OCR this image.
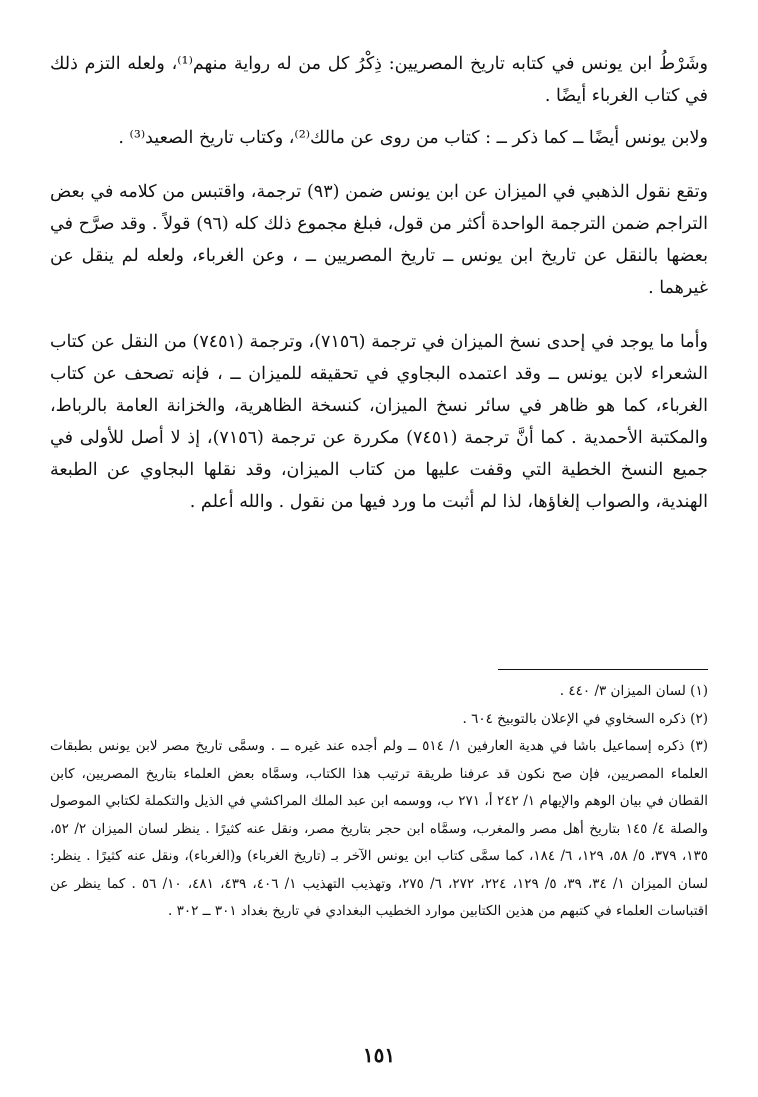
وشَرْطُ ابن يونس في كتابه تاريخ المصريين: ذِكْرُ كل من له رواية منهم⁽¹⁾، ولعله التزم ذلك في كتاب الغرباء أيضًا .

ولابن يونس أيضًا ــ كما ذكر ــ : كتاب من روى عن مالك⁽²⁾، وكتاب تاريخ الصعيد⁽³⁾ .

وتقع نقول الذهبي في الميزان عن ابن يونس ضمن (٩٣) ترجمة، واقتبس من كلامه في بعض التراجم ضمن الترجمة الواحدة أكثر من قول، فبلغ مجموع ذلك كله (٩٦) قولاً . وقد صرَّح في بعضها بالنقل عن تاريخ ابن يونس ــ تاريخ المصريين ــ ، وعن الغرباء، ولعله لم ينقل عن غيرهما .

وأما ما يوجد في إحدى نسخ الميزان في ترجمة (٧١٥٦)، وترجمة (٧٤٥١) من النقل عن كتاب الشعراء لابن يونس ــ وقد اعتمده البجاوي في تحقيقه للميزان ــ ، فإنه تصحف عن كتاب الغرباء، كما هو ظاهر في سائر نسخ الميزان، كنسخة الظاهرية، والخزانة العامة بالرباط، والمكتبة الأحمدية . كما أنَّ ترجمة (٧٤٥١) مكررة عن ترجمة (٧١٥٦)، إذ لا أصل للأولى في جميع النسخ الخطية التي وقفت عليها من كتاب الميزان، وقد نقلها البجاوي عن الطبعة الهندية، والصواب إلغاؤها، لذا لم أثبت ما ورد فيها من نقول . والله أعلم .

(١) لسان الميزان ٣/ ٤٤٠ .

(٢) ذكره السخاوي في الإعلان بالتوبيخ ٦٠٤ .

(٣) ذكره إسماعيل باشا في هدية العارفين ١/ ٥١٤ ــ ولم أجده عند غيره ــ . وسمَّى تاريخ مصر لابن يونس بطبقات العلماء المصريين، فإن صح نكون قد عرفنا طريقة ترتيب هذا الكتاب، وسمَّاه بعض العلماء بتاريخ المصريين، كابن القطان في بيان الوهم والإيهام ١/ ٢٤٢ أ، ٢٧١ ب، ووسمه ابن عبد الملك المراكشي في الذيل والتكملة لكتابي الموصول والصلة ٤/ ١٤٥ بتاريخ أهل مصر والمغرب، وسمَّاه ابن حجر بتاريخ مصر، ونقل عنه كثيرًا . ينظر لسان الميزان ٢/ ٥٢، ١٣٥، ٣٧٩، ٥/ ٥٨، ١٢٩، ٦/ ١٨٤، كما سمَّى كتاب ابن يونس الآخر بـ (تاريخ الغرباء) و(الغرباء)، ونقل عنه كثيرًا . ينظر: لسان الميزان ١/ ٣٤، ٣٩، ٥/ ١٢٩، ٢٢٤، ٢٧٢، ٦/ ٢٧٥، وتهذيب التهذيب ١/ ٤٠٦، ٤٣٩، ٤٨١، ١٠/ ٥٦ . كما ينظر عن اقتباسات العلماء في كتبهم من هذين الكتابين موارد الخطيب البغدادي في تاريخ بغداد ٣٠١ ــ ٣٠٢ .

١٥١
